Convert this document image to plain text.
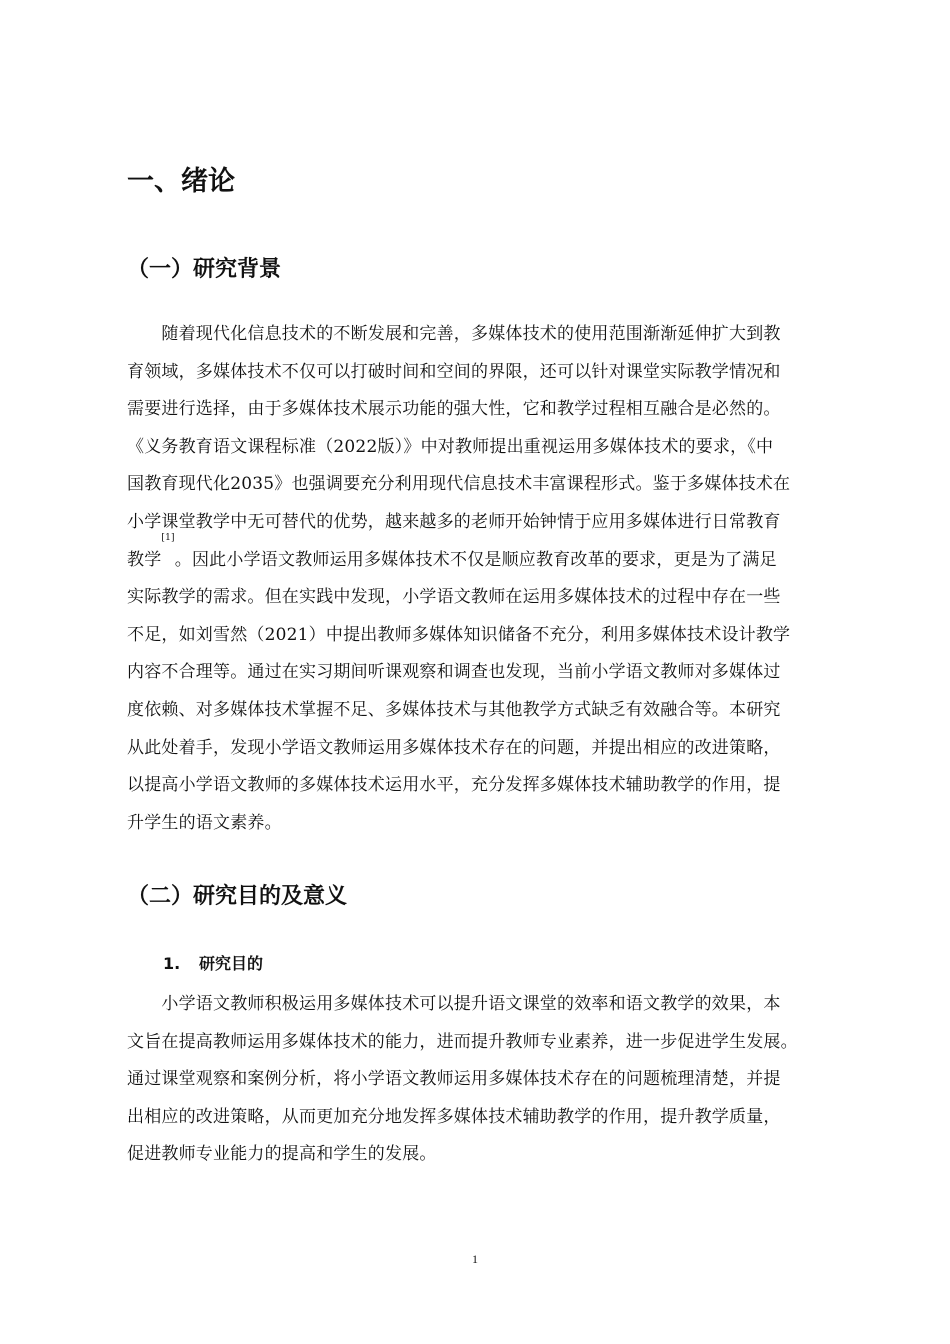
一、绪论
（一）研究背景
　　随着现代化信息技术的不断发展和完善，多媒体技术的使用范围渐渐延伸扩大到教
育领域，多媒体技术不仅可以打破时间和空间的界限，还可以针对课堂实际教学情况和
需要进行选择，由于多媒体技术展示功能的强大性，它和教学过程相互融合是必然的。
《义务教育语文课程标准（2022版）》中对教师提出重视运用多媒体技术的要求，《中
国教育现代化2035》也强调要充分利用现代信息技术丰富课程形式。鉴于多媒体技术在
小学课堂教学中无可替代的优势，越来越多的老师开始钟情于应用多媒体进行日常教育
教学[1]。因此小学语文教师运用多媒体技术不仅是顺应教育改革的要求，更是为了满足
实际教学的需求。但在实践中发现，小学语文教师在运用多媒体技术的过程中存在一些
不足，如刘雪然（2021）中提出教师多媒体知识储备不充分，利用多媒体技术设计教学
内容不合理等。通过在实习期间听课观察和调查也发现，当前小学语文教师对多媒体过
度依赖、对多媒体技术掌握不足、多媒体技术与其他教学方式缺乏有效融合等。本研究
从此处着手，发现小学语文教师运用多媒体技术存在的问题，并提出相应的改进策略，
以提高小学语文教师的多媒体技术运用水平，充分发挥多媒体技术辅助教学的作用，提
升学生的语文素养。
（二）研究目的及意义
1. 研究目的
　　小学语文教师积极运用多媒体技术可以提升语文课堂的效率和语文教学的效果，本
文旨在提高教师运用多媒体技术的能力，进而提升教师专业素养，进一步促进学生发展。
通过课堂观察和案例分析，将小学语文教师运用多媒体技术存在的问题梳理清楚，并提
出相应的改进策略，从而更加充分地发挥多媒体技术辅助教学的作用，提升教学质量，
促进教师专业能力的提高和学生的发展。
1
